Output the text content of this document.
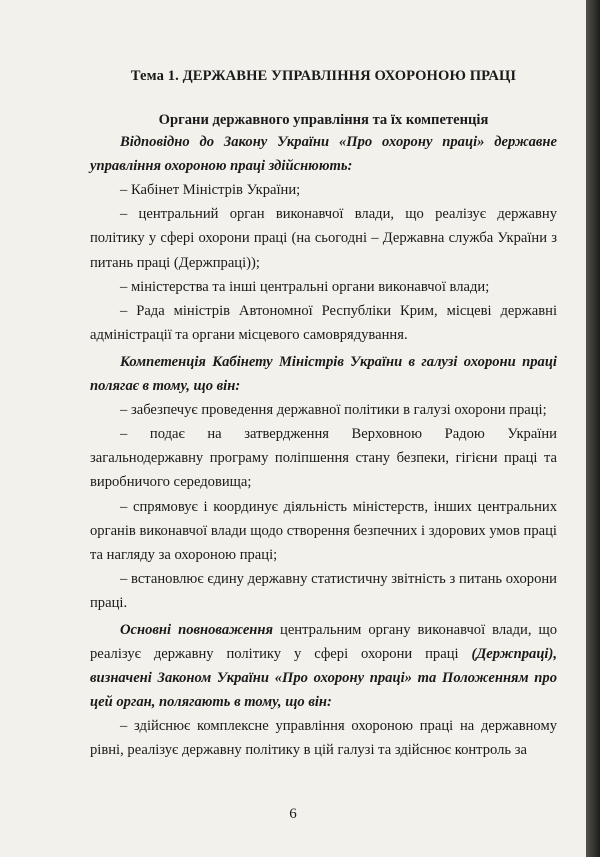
Тема 1. ДЕРЖАВНЕ УПРАВЛІННЯ ОХОРОНОЮ ПРАЦІ
Органи державного управління та їх компетенція

Відповідно до Закону України «Про охорону праці» державне управління охороною праці здійснюють:

– Кабінет Міністрів України;

– центральний орган виконавчої влади, що реалізує державну політику у сфері охорони праці (на сьогодні – Державна служба України з питань праці (Держпраці));

– міністерства та інші центральні органи виконавчої влади;

– Рада міністрів Автономної Республіки Крим, місцеві державні адміністрації та органи місцевого самоврядування.

Компетенція Кабінету Міністрів України в галузі охорони праці полягає в тому, що він:

– забезпечує проведення державної політики в галузі охорони праці;

– подає на затвердження Верховною Радою України загальнодержавну програму поліпшення стану безпеки, гігієни праці та виробничого середовища;

– спрямовує і координує діяльність міністерств, інших центральних органів виконавчої влади щодо створення безпечних і здорових умов праці та нагляду за охороною праці;

– встановлює єдину державну статистичну звітність з питань охорони праці.

Основні повноваження центральним органу виконавчої влади, що реалізує державну політику у сфері охорони праці (Держпраці), визначені Законом України «Про охорону праці» та Положенням про цей орган, полягають в тому, що він:

– здійснює комплексне управління охороною праці на державному рівні, реалізує державну політику в цій галузі та здійснює контроль за

6
